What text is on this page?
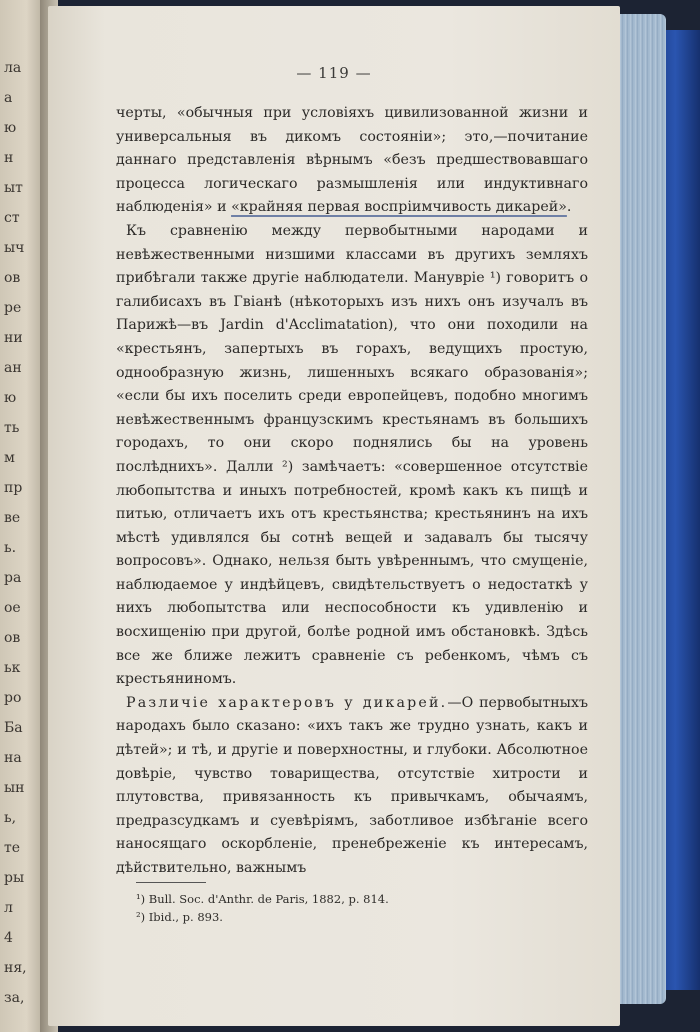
ла
а
ю
н
ыт
ст
ыч
ов
ре
ни
ан
ю
ть
м
пр
ве
ь.
ра
ое
ов
ьк
ро
Ба
на
ын
ь,
те
ры
л
4
ня,
за,
— 119 —

черты, «обычныя при условiяхъ цивилизованной жизни и универсальныя въ дикомъ состоянiи»; это,—почитание даннаго представленiя вѣрнымъ «безъ предшествовавшаго процесса логическаго размышленiя или индуктивнаго наблюденiя» и «крайняя первая воспрiимчивость дикарей».

Къ сравненiю между первобытными народами и невѣжественными низшими классами въ другихъ земляхъ прибѣгали также другiе наблюдатели. Манувріе ¹) говоритъ о галибисахъ въ Гвiанѣ (нѣкоторыхъ изъ нихъ онъ изучалъ въ Парижѣ—въ Jardin d'Acclimatation), что они походили на «крестьянъ, запертыхъ въ горахъ, ведущихъ простую, однообразную жизнь, лишенныхъ всякаго образованiя»; «если бы ихъ поселить среди европейцевъ, подобно многимъ невѣжественнымъ французскимъ крестьянамъ въ большихъ городахъ, то они скоро поднялись бы на уровень послѣднихъ». Далли ²) замѣчаетъ: «совершенное отсутствiе любопытства и иныхъ потребностей, кромѣ какъ къ пищѣ и питью, отличаетъ ихъ отъ крестьянства; крестьянинъ на ихъ мѣстѣ удивлялся бы сотнѣ вещей и задавалъ бы тысячу вопросовъ». Однако, нельзя быть увѣреннымъ, что смущенiе, наблюдаемое у индѣйцевъ, свидѣтельствуетъ о недостаткѣ у нихъ любопытства или неспособности къ удивленiю и восхищенiю при другой, болѣе родной имъ обстановкѣ. Здѣсь все же ближе лежитъ сравненiе съ ребенкомъ, чѣмъ съ крестьяниномъ.

Различiе характеровъ у дикарей.—О первобытныхъ народахъ было сказано: «ихъ такъ же трудно узнать, какъ и дѣтей»; и тѣ, и другiе и поверхностны, и глубоки. Абсолютное довѣрiе, чувство товарищества, отсутствiе хитрости и плутовства, привязанность къ привычкамъ, обычаямъ, предразсудкамъ и суевѣрiямъ, заботливое избѣганiе всего наносящаго оскорбленiе, пренебреженiе къ интересамъ, дѣйствительно, важнымъ

¹) Bull. Soc. d'Anthr. de Paris, 1882, p. 814.
²) Ibid., p. 893.
